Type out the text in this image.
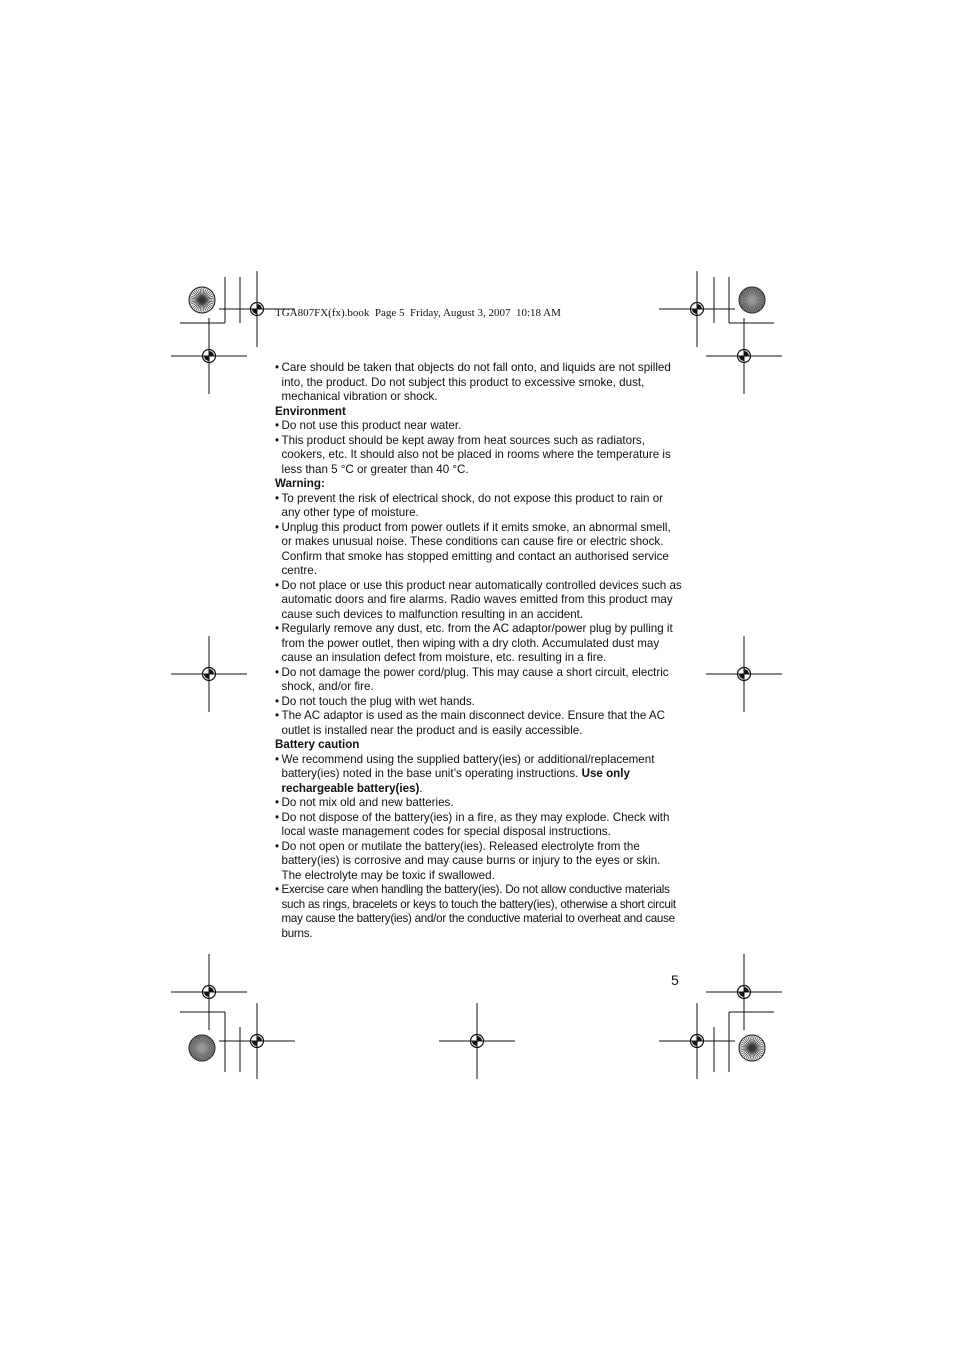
TGA807FX(fx).book  Page 5  Friday, August 3, 2007  10:18 AM
• Care should be taken that objects do not fall onto, and liquids are not spilled into, the product. Do not subject this product to excessive smoke, dust, mechanical vibration or shock.
Environment
• Do not use this product near water.
• This product should be kept away from heat sources such as radiators, cookers, etc. It should also not be placed in rooms where the temperature is less than 5 °C or greater than 40 °C.
Warning:
• To prevent the risk of electrical shock, do not expose this product to rain or any other type of moisture.
• Unplug this product from power outlets if it emits smoke, an abnormal smell, or makes unusual noise. These conditions can cause fire or electric shock. Confirm that smoke has stopped emitting and contact an authorised service centre.
• Do not place or use this product near automatically controlled devices such as automatic doors and fire alarms. Radio waves emitted from this product may cause such devices to malfunction resulting in an accident.
• Regularly remove any dust, etc. from the AC adaptor/power plug by pulling it from the power outlet, then wiping with a dry cloth. Accumulated dust may cause an insulation defect from moisture, etc. resulting in a fire.
• Do not damage the power cord/plug. This may cause a short circuit, electric shock, and/or fire.
• Do not touch the plug with wet hands.
• The AC adaptor is used as the main disconnect device. Ensure that the AC outlet is installed near the product and is easily accessible.
Battery caution
• We recommend using the supplied battery(ies) or additional/replacement battery(ies) noted in the base unit’s operating instructions. Use only rechargeable battery(ies).
• Do not mix old and new batteries.
• Do not dispose of the battery(ies) in a fire, as they may explode. Check with local waste management codes for special disposal instructions.
• Do not open or mutilate the battery(ies). Released electrolyte from the battery(ies) is corrosive and may cause burns or injury to the eyes or skin. The electrolyte may be toxic if swallowed.
• Exercise care when handling the battery(ies). Do not allow conductive materials such as rings, bracelets or keys to touch the battery(ies), otherwise a short circuit may cause the battery(ies) and/or the conductive material to overheat and cause burns.
5
